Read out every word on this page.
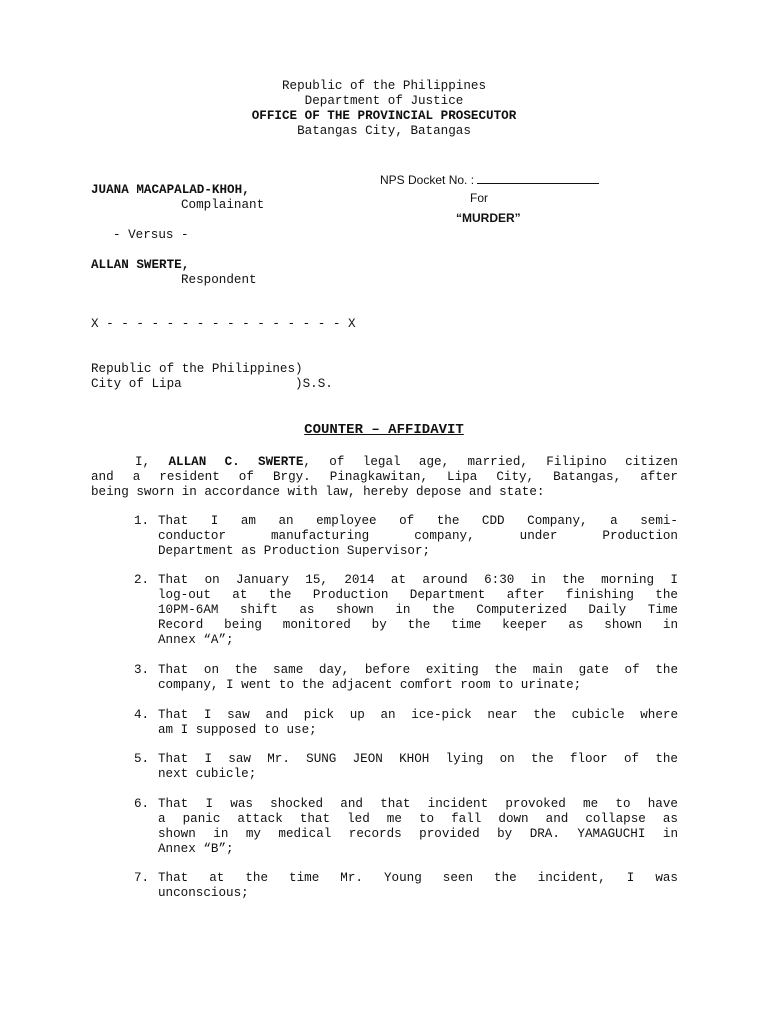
Republic of the Philippines
Department of Justice
OFFICE OF THE PROVINCIAL PROSECUTOR
Batangas City, Batangas
NPS Docket No. :
For
“MURDER”
JUANA MACAPALAD-KHOH,
Complainant
- Versus -
ALLAN SWERTE,
Respondent
X - - - - - - - - - - - - - - - - X
Republic of the Philippines)
City of Lipa               )S.S.
COUNTER – AFFIDAVIT
I, ALLAN C. SWERTE, of legal age, married, Filipino citizen
and a resident of Brgy. Pinagkawitan, Lipa City, Batangas, after
being sworn in accordance with law, hereby depose and state:
1. That I am an employee of the CDD Company, a semi-
conductor manufacturing company, under Production
Department as Production Supervisor;
2. That on January 15, 2014 at around 6:30 in the morning I
log-out at the Production Department after finishing the
10PM-6AM shift as shown in the Computerized Daily Time
Record being monitored by the time keeper as shown in
Annex “A”;
3. That on the same day, before exiting the main gate of the
company, I went to the adjacent comfort room to urinate;
4. That I saw and pick up an ice-pick near the cubicle where
am I supposed to use;
5. That I saw Mr. SUNG JEON KHOH lying on the floor of the
next cubicle;
6. That I was shocked and that incident provoked me to have
a panic attack that led me to fall down and collapse as
shown in my medical records provided by DRA. YAMAGUCHI in
Annex “B”;
7. That at the time Mr. Young seen the incident, I was
unconscious;
